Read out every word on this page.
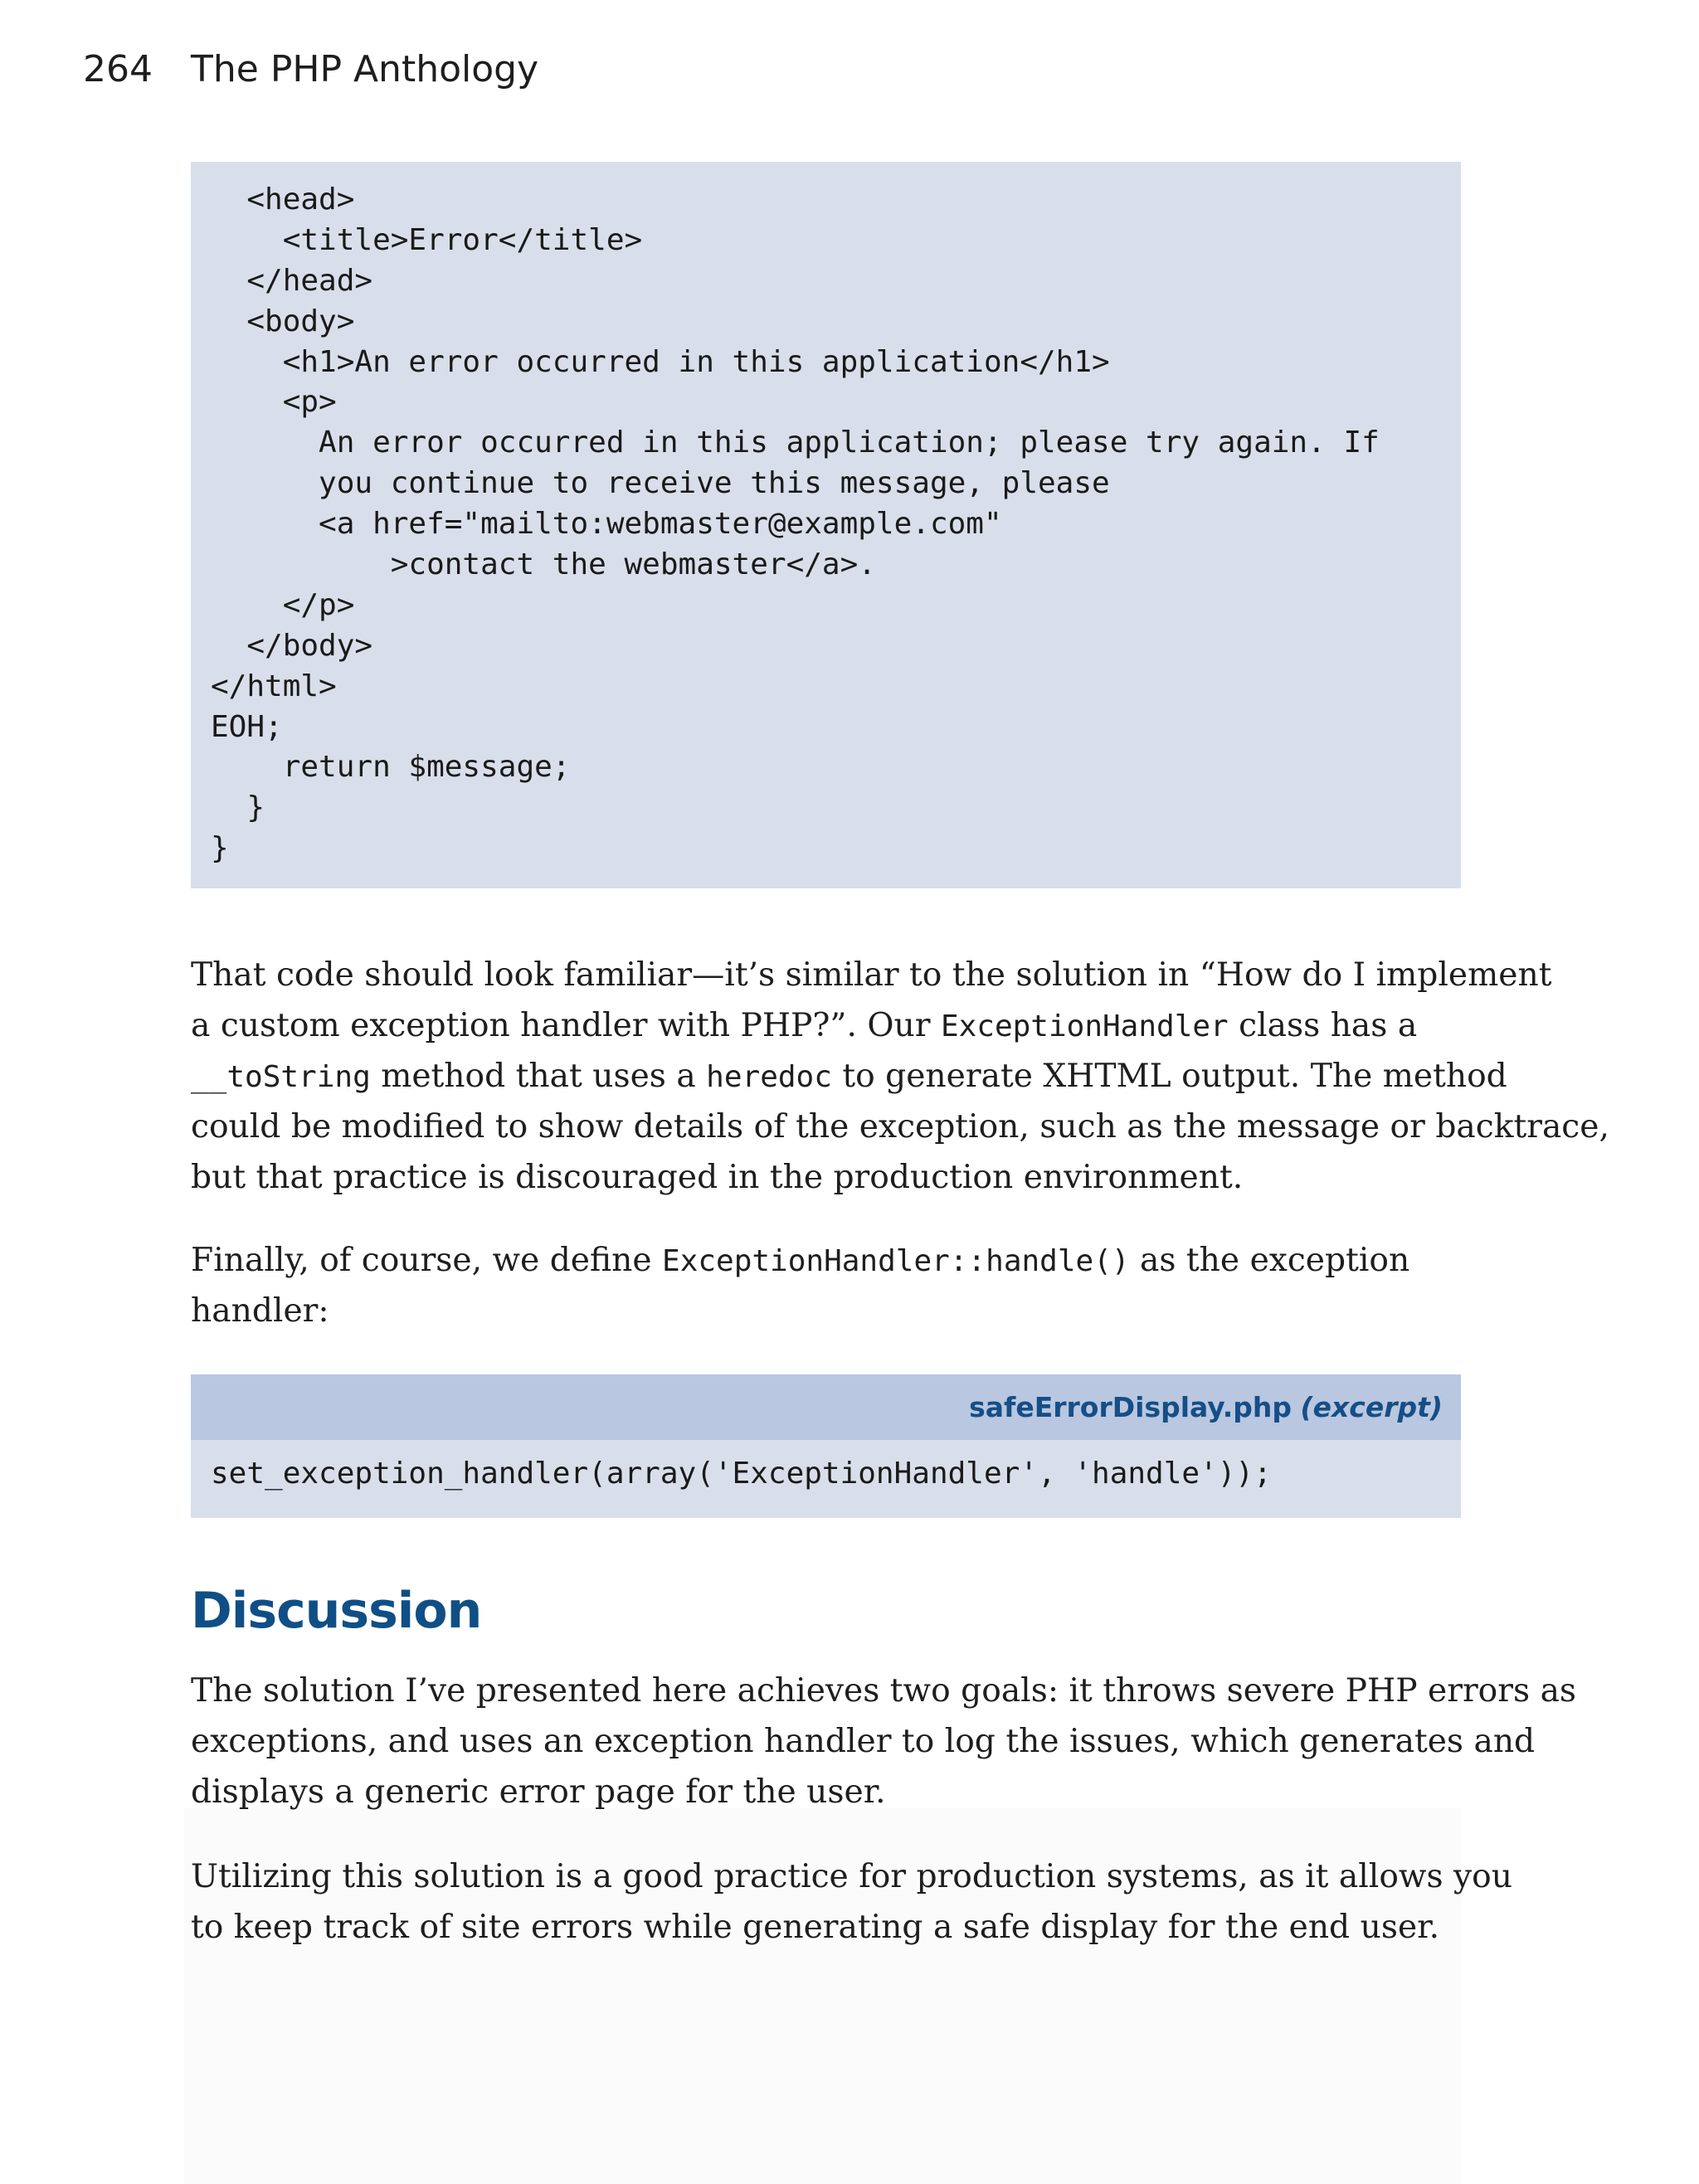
264 The PHP Anthology
<head>
<title>Error</title>
</head>
<body>
<h1>An error occurred in this application</h1>
<p>
An error occurred in this application; please try again. If
you continue to receive this message, please
<a href="mailto:webmaster@example.com"
>contact the webmaster</a>.
</p>
</body>
</html>
EOH;
return $message;
}
}

That code should look familiar—it’s similar to the solution in “How do I implement
a custom exception handler with PHP?”. Our ExceptionHandler class has a
__toString method that uses a heredoc to generate XHTML output. The method
could be modified to show details of the exception, such as the message or backtrace,
but that practice is discouraged in the production environment.

Finally, of course, we define ExceptionHandler::handle() as the exception
handler:

safeErrorDisplay.php (excerpt)
set_exception_handler(array('ExceptionHandler', 'handle'));
Discussion

The solution I’ve presented here achieves two goals: it throws severe PHP errors as
exceptions, and uses an exception handler to log the issues, which generates and
displays a generic error page for the user.

Utilizing this solution is a good practice for production systems, as it allows you
to keep track of site errors while generating a safe display for the end user.
